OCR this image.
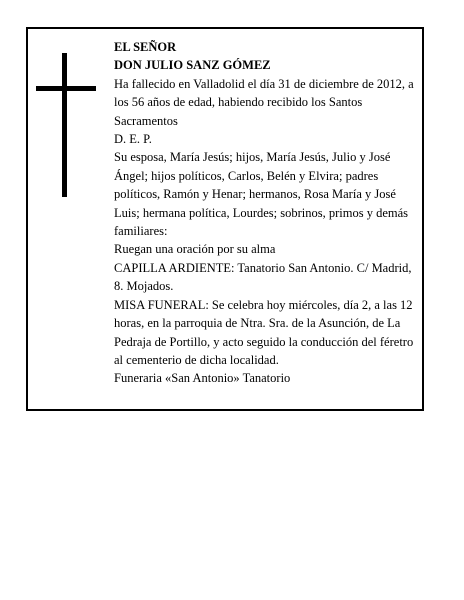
EL SEÑOR

DON JULIO SANZ GÓMEZ

Ha fallecido en Valladolid el día 31 de diciembre de 2012, a los 56 años de edad, habiendo recibido los Santos Sacramentos

D. E. P.

Su esposa, María Jesús; hijos, María Jesús, Julio y José Ángel; hijos políticos, Carlos, Belén y Elvira; padres políticos, Ramón y Henar; hermanos, Rosa María y José Luis; hermana política, Lourdes; sobrinos, primos y demás familiares:

Ruegan una oración por su alma

CAPILLA ARDIENTE: Tanatorio San Antonio. C/ Madrid, 8. Mojados.

MISA FUNERAL: Se celebra hoy miércoles, día 2, a las 12 horas, en la parroquia de Ntra. Sra. de la Asunción, de La Pedraja de Portillo, y acto seguido la conducción del féretro al cementerio de dicha localidad.

Funeraria «San Antonio» Tanatorio
